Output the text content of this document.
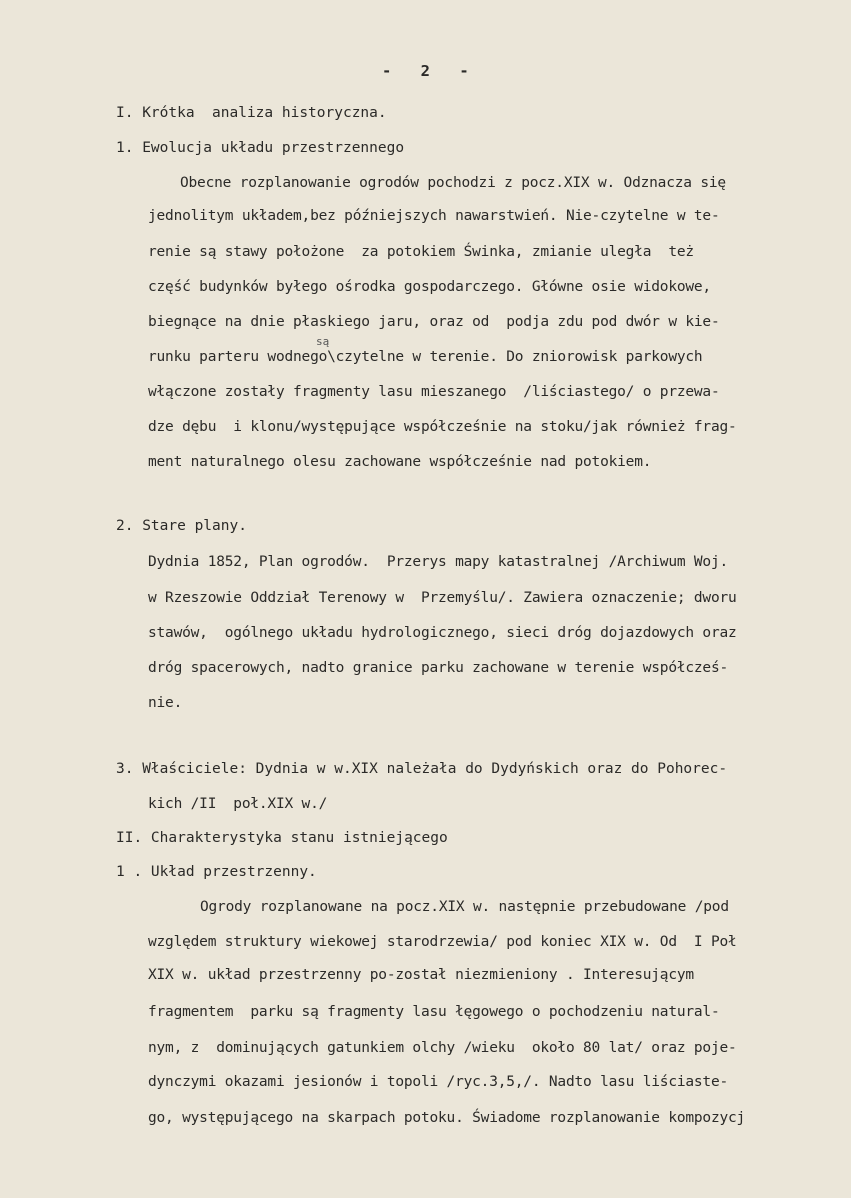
- 2 -
I. Krótka  analiza historyczna.
1. Ewolucja układu przestrzennego
Obecne rozplanowanie ogrodów pochodzi z pocz.XIX w. Odznacza się
jednolitym układem,bez późniejszych nawarstwień. Nie-czytelne w te-
renie są stawy położone  za potokiem Świnka, zmianie uległa  też
część budynków byłego ośrodka gospodarczego. Główne osie widokowe,
biegnące na dnie płaskiego jaru, oraz od  podja zdu pod dwór w kie-
są
runku parteru wodnego\czytelne w terenie. Do zniorowisk parkowych
włączone zostały fragmenty lasu mieszanego  /liściastego/ o przewa-
dze dębu  i klonu/występujące współcześnie na stoku/jak również frag-
ment naturalnego olesu zachowane współcześnie nad potokiem.
2. Stare plany.
Dydnia 1852, Plan ogrodów.  Przerys mapy katastralnej /Archiwum Woj.
w Rzeszowie Oddział Terenowy w  Przemyślu/. Zawiera oznaczenie; dworu
stawów,  ogólnego układu hydrologicznego, sieci dróg dojazdowych oraz
dróg spacerowych, nadto granice parku zachowane w terenie współcześ-
nie.
3. Właściciele: Dydnia w w.XIX należała do Dydyńskich oraz do Pohorec-
kich /II  poł.XIX w./
II. Charakterystyka stanu istniejącego
1 . Układ przestrzenny.
Ogrody rozplanowane na pocz.XIX w. następnie przebudowane /pod
względem struktury wiekowej starodrzewia/ pod koniec XIX w. Od  I Poł
XIX w. układ przestrzenny po-został niezmieniony . Interesującym
fragmentem  parku są fragmenty lasu łęgowego o pochodzeniu natural-
nym, z  dominujących gatunkiem olchy /wieku  około 80 lat/ oraz poje-
dynczymi okazami jesionów i topoli /ryc.3,5,/. Nadto lasu liściaste-
go, występującego na skarpach potoku. Świadome rozplanowanie kompozycj
